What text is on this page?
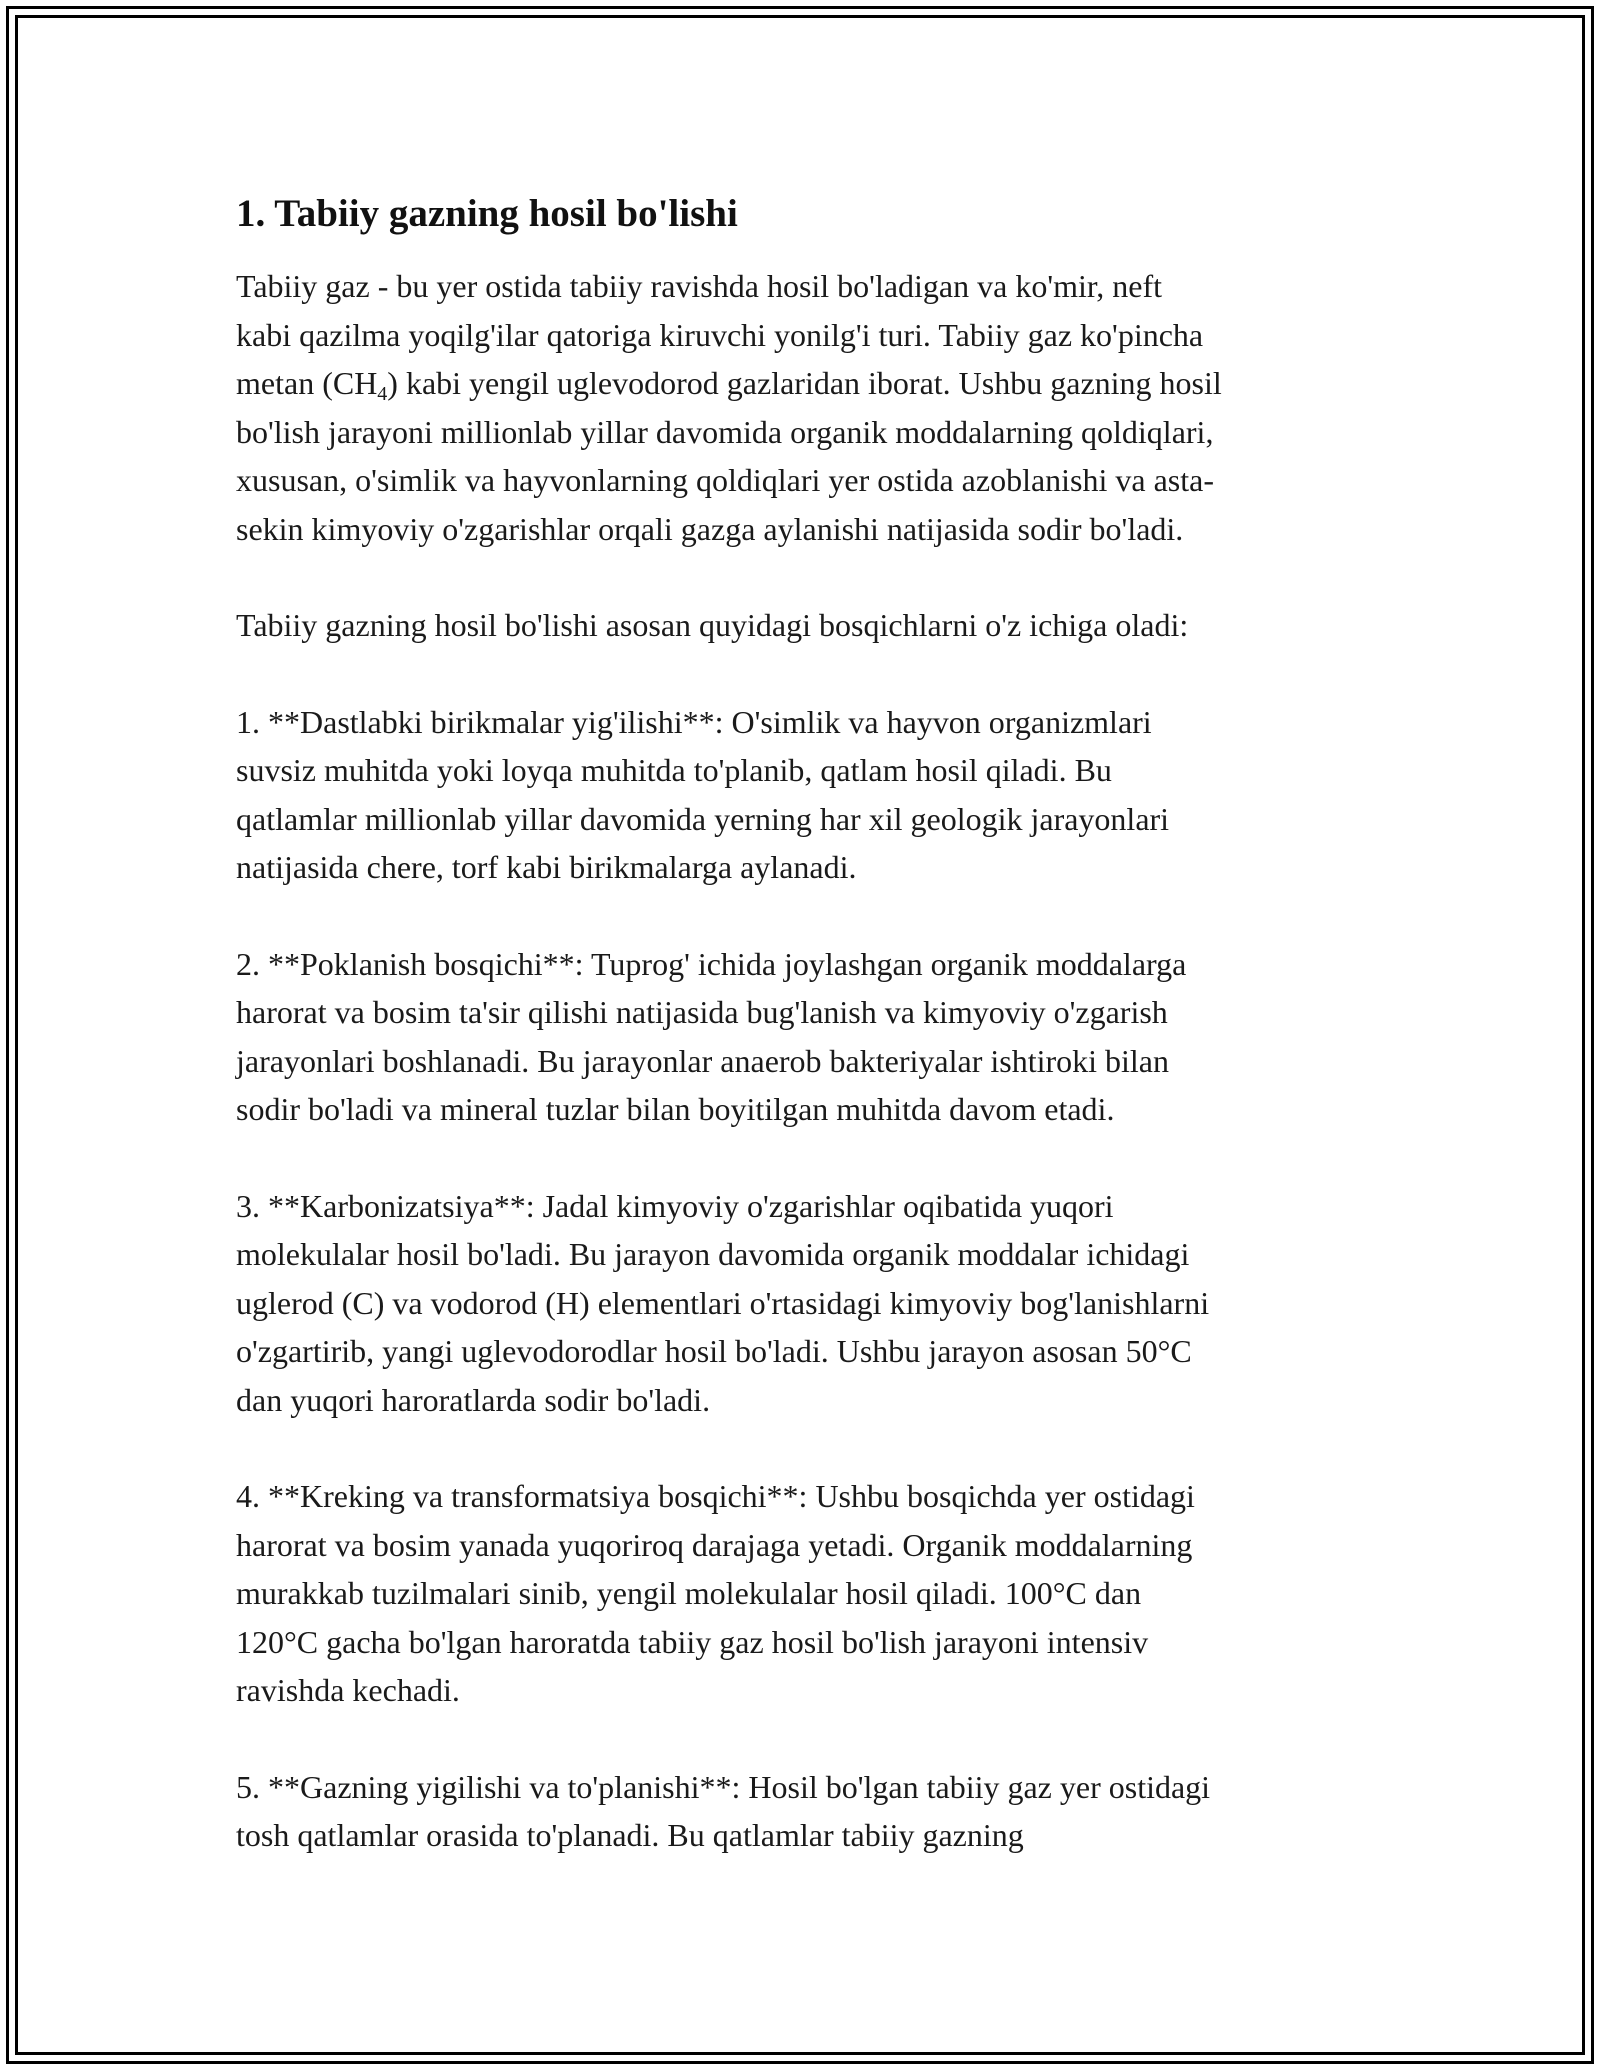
1. Tabiiy gazning hosil bo'lishi
Tabiiy gaz - bu yer ostida tabiiy ravishda hosil bo'ladigan va ko'mir, neft
kabi qazilma yoqilg'ilar qatoriga kiruvchi yonilg'i turi. Tabiiy gaz ko'pincha
metan $(CH_4)$ kabi yengil uglevodorod gazlaridan iborat. Ushbu gazning hosil
bo'lish jarayoni millionlab yillar davomida organik moddalarning qoldiqlari,
xususan, o'simlik va hayvonlarning qoldiqlari yer ostida azoblanishi va asta-
sekin kimyoviy o'zgarishlar orqali gazga aylanishi natijasida sodir bo'ladi.
Tabiiy gazning hosil bo'lishi asosan quyidagi bosqichlarni o'z ichiga oladi:
1. **Dastlabki birikmalar yig'ilishi**: O'simlik va hayvon organizmlari
suvsiz muhitda yoki loyqa muhitda to'planib, qatlam hosil qiladi. Bu
qatlamlar millionlab yillar davomida yerning har xil geologik jarayonlari
natijasida chere, torf kabi birikmalarga aylanadi.
2. **Poklanish bosqichi**: Tuprog' ichida joylashgan organik moddalarga
harorat va bosim ta'sir qilishi natijasida bug'lanish va kimyoviy o'zgarish
jarayonlari boshlanadi. Bu jarayonlar anaerob bakteriyalar ishtiroki bilan
sodir bo'ladi va mineral tuzlar bilan boyitilgan muhitda davom etadi.
3. **Karbonizatsiya**: Jadal kimyoviy o'zgarishlar oqibatida yuqori
molekulalar hosil bo'ladi. Bu jarayon davomida organik moddalar ichidagi
uglerod (C) va vodorod (H) elementlari o'rtasidagi kimyoviy bog'lanishlarni
o'zgartirib, yangi uglevodorodlar hosil bo'ladi. Ushbu jarayon asosan 50°C
dan yuqori haroratlarda sodir bo'ladi.
4. **Kreking va transformatsiya bosqichi**: Ushbu bosqichda yer ostidagi
harorat va bosim yanada yuqoriroq darajaga yetadi. Organik moddalarning
murakkab tuzilmalari sinib, yengil molekulalar hosil qiladi. 100°C dan
120°C gacha bo'lgan haroratda tabiiy gaz hosil bo'lish jarayoni intensiv
ravishda kechadi.
5. **Gazning yigilishi va to'planishi**: Hosil bo'lgan tabiiy gaz yer ostidagi
tosh qatlamlar orasida to'planadi. Bu qatlamlar tabiiy gazning
